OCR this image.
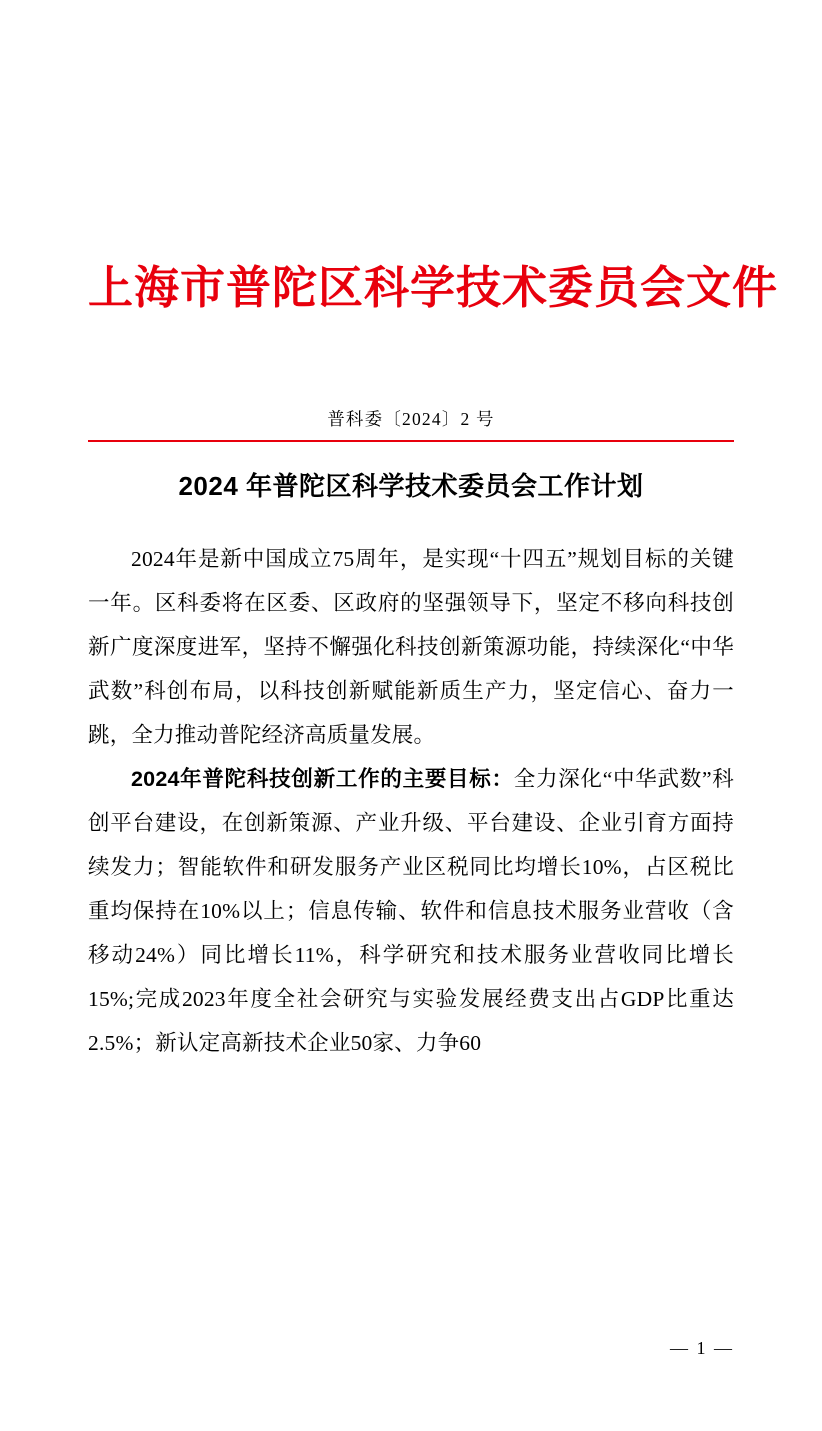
上海市普陀区科学技术委员会文件
普科委〔2024〕2 号
2024 年普陀区科学技术委员会工作计划

2024年是新中国成立75周年，是实现“十四五”规划目标的关键一年。区科委将在区委、区政府的坚强领导下，坚定不移向科技创新广度深度进军，坚持不懈强化科技创新策源功能，持续深化“中华武数”科创布局，以科技创新赋能新质生产力，坚定信心、奋力一跳，全力推动普陀经济高质量发展。

2024年普陀科技创新工作的主要目标：全力深化“中华武数”科创平台建设，在创新策源、产业升级、平台建设、企业引育方面持续发力；智能软件和研发服务产业区税同比均增长10%，占区税比重均保持在10%以上；信息传输、软件和信息技术服务业营收（含移动24%）同比增长11%，科学研究和技术服务业营收同比增长15%;完成2023年度全社会研究与实验发展经费支出占GDP比重达2.5%；新认定高新技术企业50家、力争60

— 1 —
